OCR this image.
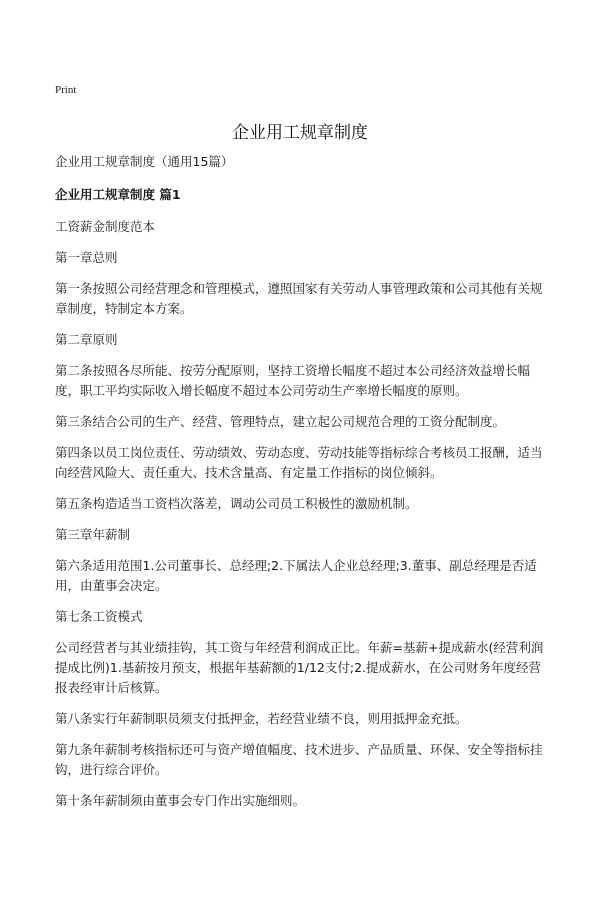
Print
企业用工规章制度

企业用工规章制度（通用15篇）

企业用工规章制度 篇1

工资薪金制度范本

第一章总则

第一条按照公司经营理念和管理模式，遵照国家有关劳动人事管理政策和公司其他有关规章制度，特制定本方案。

第二章原则

第二条按照各尽所能、按劳分配原则，坚持工资增长幅度不超过本公司经济效益增长幅度，职工平均实际收入增长幅度不超过本公司劳动生产率增长幅度的原则。

第三条结合公司的生产、经营、管理特点，建立起公司规范合理的工资分配制度。

第四条以员工岗位责任、劳动绩效、劳动态度、劳动技能等指标综合考核员工报酬，适当向经营风险大、责任重大、技术含量高、有定量工作指标的岗位倾斜。

第五条构造适当工资档次落差，调动公司员工积极性的激励机制。

第三章年薪制

第六条适用范围1.公司董事长、总经理;2.下属法人企业总经理;3.董事、副总经理是否适用，由董事会决定。

第七条工资模式

公司经营者与其业绩挂钩，其工资与年经营利润成正比。年薪=基薪+提成薪水(经营利润提成比例)1.基薪按月预支，根据年基薪额的1/12支付;2.提成薪水，在公司财务年度经营报表经审计后核算。

第八条实行年薪制职员须支付抵押金，若经营业绩不良，则用抵押金充抵。

第九条年薪制考核指标还可与资产增值幅度、技术进步、产品质量、环保、安全等指标挂钩，进行综合评价。

第十条年薪制须由董事会专门作出实施细则。
